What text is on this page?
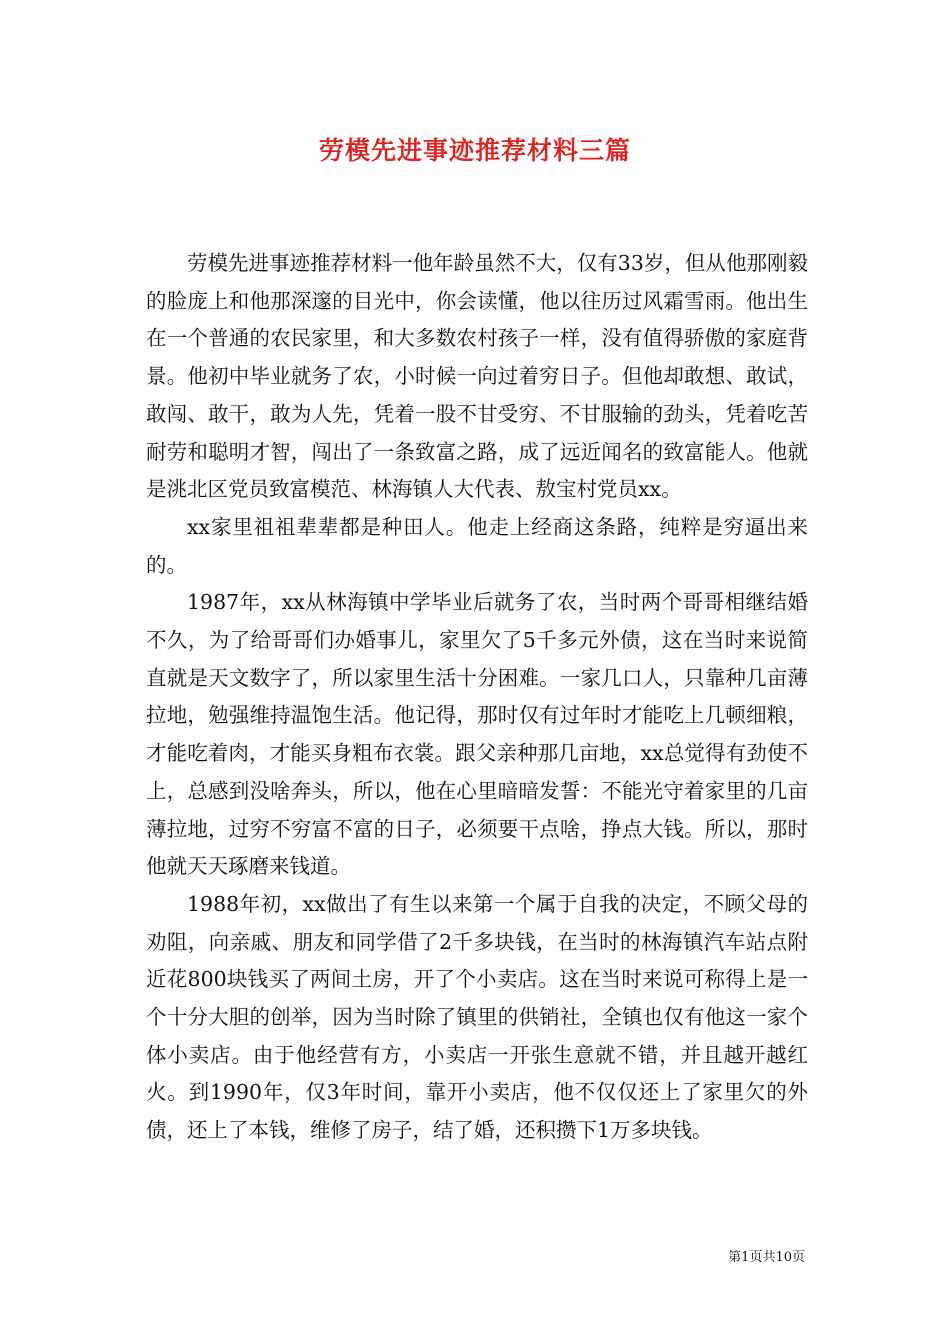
劳模先进事迹推荐材料三篇

劳模先进事迹推荐材料一他年龄虽然不大，仅有33岁，但从他那刚毅的脸庞上和他那深邃的目光中，你会读懂，他以往历过风霜雪雨。他出生在一个普通的农民家里，和大多数农村孩子一样，没有值得骄傲的家庭背景。他初中毕业就务了农，小时候一向过着穷日子。但他却敢想、敢试，敢闯、敢干，敢为人先，凭着一股不甘受穷、不甘服输的劲头，凭着吃苦耐劳和聪明才智，闯出了一条致富之路，成了远近闻名的致富能人。他就是洮北区党员致富模范、林海镇人大代表、敖宝村党员xx。

xx家里祖祖辈辈都是种田人。他走上经商这条路，纯粹是穷逼出来的。

1987年，xx从林海镇中学毕业后就务了农，当时两个哥哥相继结婚不久，为了给哥哥们办婚事儿，家里欠了5千多元外债，这在当时来说简直就是天文数字了，所以家里生活十分困难。一家几口人，只靠种几亩薄拉地，勉强维持温饱生活。他记得，那时仅有过年时才能吃上几顿细粮，才能吃着肉，才能买身粗布衣裳。跟父亲种那几亩地，xx总觉得有劲使不上，总感到没啥奔头，所以，他在心里暗暗发誓：不能光守着家里的几亩薄拉地，过穷不穷富不富的日子，必须要干点啥，挣点大钱。所以，那时他就天天琢磨来钱道。

1988年初，xx做出了有生以来第一个属于自我的决定，不顾父母的劝阻，向亲戚、朋友和同学借了2千多块钱，在当时的林海镇汽车站点附近花800块钱买了两间土房，开了个小卖店。这在当时来说可称得上是一个十分大胆的创举，因为当时除了镇里的供销社，全镇也仅有他这一家个体小卖店。由于他经营有方，小卖店一开张生意就不错，并且越开越红火。到1990年，仅3年时间，靠开小卖店，他不仅仅还上了家里欠的外债，还上了本钱，维修了房子，结了婚，还积攒下1万多块钱。

第1页共10页
